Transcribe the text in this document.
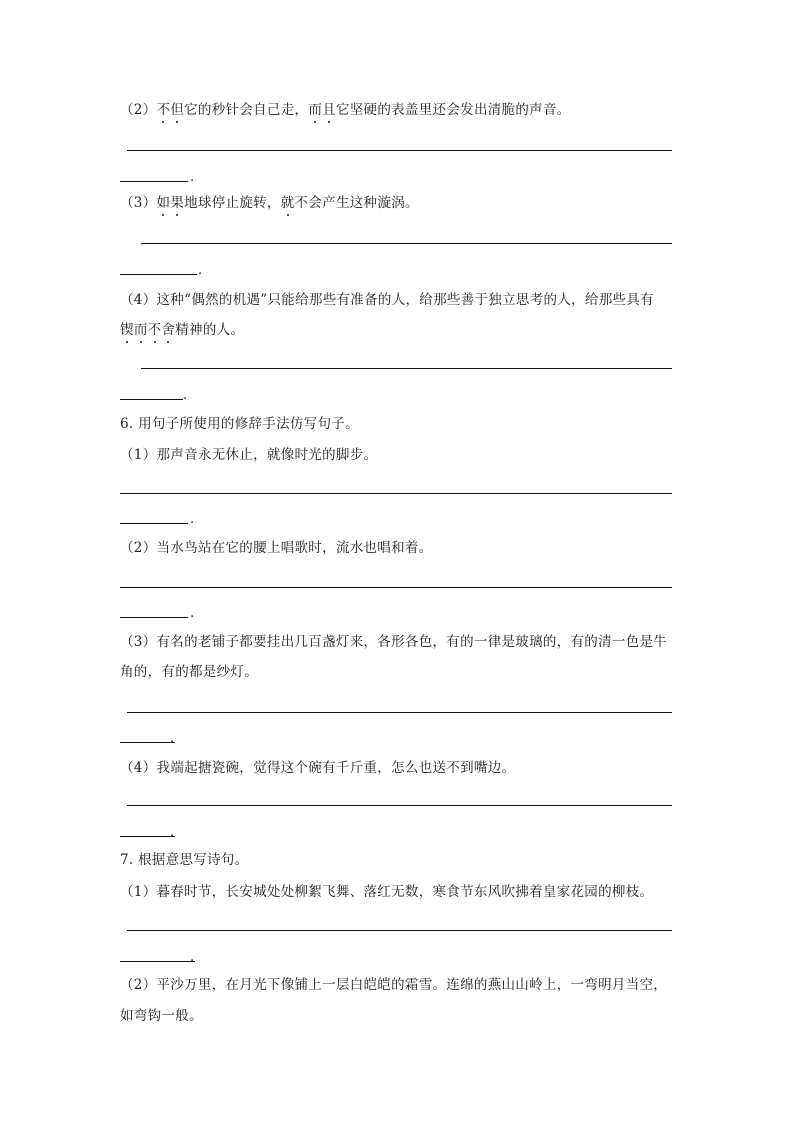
（2）不但它的秒针会自己走，而且它坚硬的表盖里还会发出清脆的声音。
.
（3）如果地球停止旋转，就不会产生这种漩涡。
.
（4）这种“偶然的机遇”只能给那些有准备的人，给那些善于独立思考的人，给那些具有
锲而不舍精神的人。
.
6. 用句子所使用的修辞手法仿写句子。
（1）那声音永无休止，就像时光的脚步。
.
（2）当水鸟站在它的腰上唱歌时，流水也唱和着。
.
（3）有名的老铺子都要挂出几百盏灯来，各形各色，有的一律是玻璃的，有的清一色是牛
角的，有的都是纱灯。
.
（4）我端起搪瓷碗，觉得这个碗有千斤重，怎么也送不到嘴边。
.
7. 根据意思写诗句。
（1）暮春时节，长安城处处柳絮飞舞、落红无数，寒食节东风吹拂着皇家花园的柳枝。
.
（2）平沙万里，在月光下像铺上一层白皑皑的霜雪。连绵的燕山山岭上，一弯明月当空，
如弯钩一般。
